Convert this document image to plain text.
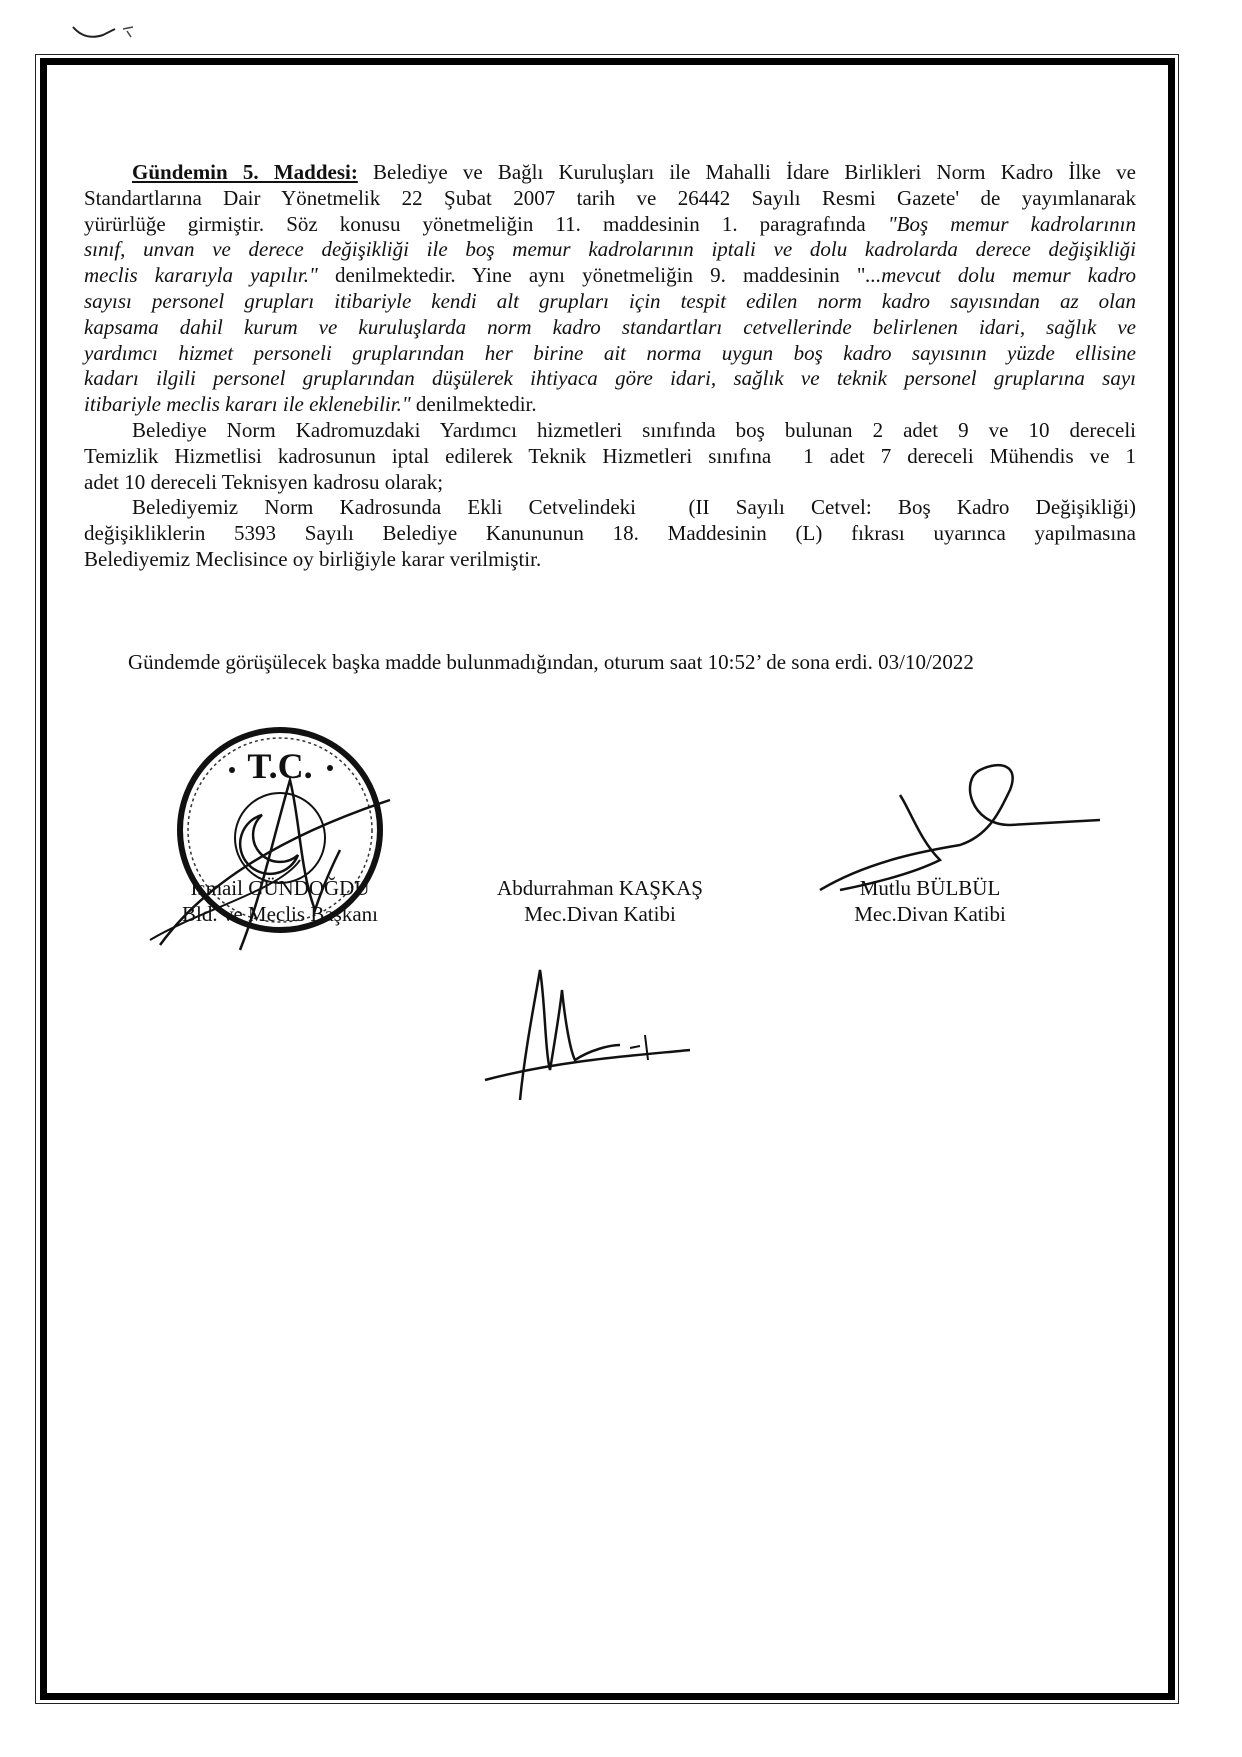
Gündemin 5. Maddesi: Belediye ve Bağlı Kuruluşları ile Mahalli İdare Birlikleri Norm Kadro İlke ve
Standartlarına Dair Yönetmelik 22 Şubat 2007 tarih ve 26442 Sayılı Resmi Gazete' de yayımlanarak
yürürlüğe girmiştir. Söz konusu yönetmeliğin 11. maddesinin 1. paragrafında "Boş memur kadrolarının
sınıf, unvan ve derece değişikliği ile boş memur kadrolarının iptali ve dolu kadrolarda derece değişikliği
meclis kararıyla yapılır." denilmektedir. Yine aynı yönetmeliğin 9. maddesinin "...mevcut dolu memur kadro
sayısı personel grupları itibariyle kendi alt grupları için tespit edilen norm kadro sayısından az olan
kapsama dahil kurum ve kuruluşlarda norm kadro standartları cetvellerinde belirlenen idari, sağlık ve
yardımcı hizmet personeli gruplarından her birine ait norma uygun boş kadro sayısının yüzde ellisine
kadarı ilgili personel gruplarından düşülerek ihtiyaca göre idari, sağlık ve teknik personel gruplarına sayı
itibariyle meclis kararı ile eklenebilir." denilmektedir.
Belediye Norm Kadromuzdaki Yardımcı hizmetleri sınıfında boş bulunan 2 adet 9 ve 10 dereceli
Temizlik Hizmetlisi kadrosunun iptal edilerek Teknik Hizmetleri sınıfına  1 adet 7 dereceli Mühendis ve 1
adet 10 dereceli Teknisyen kadrosu olarak;
Belediyemiz Norm Kadrosunda Ekli Cetvelindeki  (II Sayılı Cetvel: Boş Kadro Değişikliği)
değişikliklerin 5393 Sayılı Belediye Kanununun 18. Maddesinin (L) fıkrası uyarınca yapılmasına
Belediyemiz Meclisince oy birliğiyle karar verilmiştir.
Gündemde görüşülecek başka madde bulunmadığından, oturum saat 10:52’ de sona erdi. 03/10/2022
T.C.
İsmail GÜNDOĞDU
Bld. ve Meclis Başkanı
Abdurrahman KAŞKAŞ
Mec.Divan Katibi
Mutlu BÜLBÜL
Mec.Divan Katibi
